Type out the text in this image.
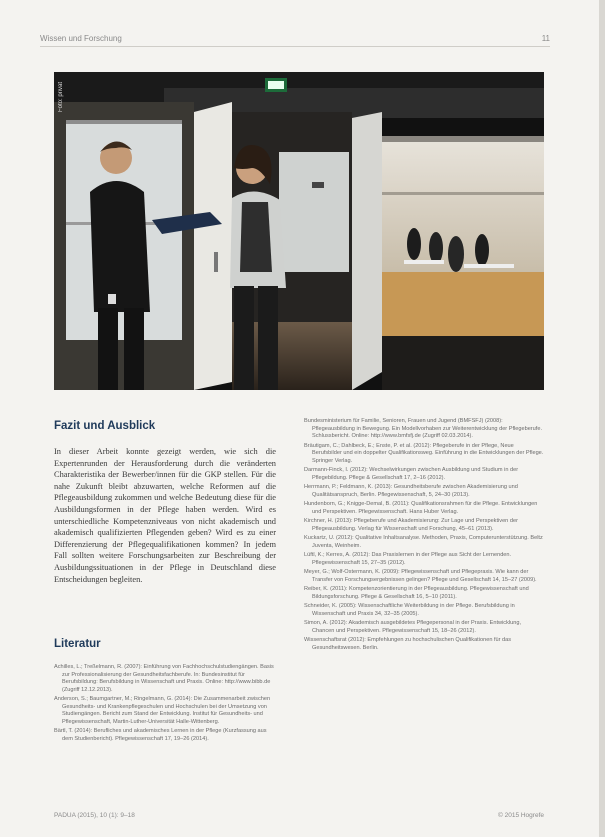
Wissen und Forschung	11
Foto: privat
Fazit und Ausblick

In dieser Arbeit konnte gezeigt werden, wie sich die Expertenrunden der Herausforderung durch die veränderten Charakteristika der Bewerber/innen für die GKP stellen. Für die nahe Zukunft bleibt abzuwarten, welche Reformen auf die Pflegeausbildung zukommen und welche Bedeutung diese für die Ausbildungsformen in der Pflege haben werden. Wird es unterschiedliche Kompetenzniveaus von nicht akademisch und akademisch qualifizierten Pflegenden geben? Wird es zu einer Differenzierung der Pflegequalifikationen kommen? In jedem Fall sollten weitere Forschungsarbeiten zur Beschreibung der Ausbildungssituationen in der Pflege in Deutschland diese Entscheidungen begleiten.

Literatur
Achilles, L.; Treßelmann, R. (2007): Einführung von Fachhochschulstudiengängen. Basis zur Professionalisierung der Gesundheitsfachberufe. In: Bundesinstitut für Berufsbildung: Berufsbildung in Wissenschaft und Praxis. Online: http://www.bibb.de (Zugriff 12.12.2013).
Anderson, S.; Baumgartner, M.; Ringelmann, G. (2014): Die Zusammenarbeit zwischen Gesundheits- und Krankenpflegeschulen und Hochschulen bei der Umsetzung von Studiengängen. Bericht zum Stand der Entwicklung. Institut für Gesundheits- und Pflegewissenschaft, Martin-Luther-Universität Halle-Wittenberg.
Bärtl, T. (2014): Berufliches und akademisches Lernen in der Pflege (Kurzfassung aus dem Studienbericht). Pflegewissenschaft 17, 19–26 (2014).
Bundesministerium für Familie, Senioren, Frauen und Jugend (BMFSFJ) (2008): Pflegeausbildung in Bewegung. Ein Modellvorhaben zur Weiterentwicklung der Pflegeberufe. Schlussbericht. Online: http://www.bmfsfj.de (Zugriff 02.03.2014).
Bräutigam, C.; Dahlbeck, E.; Enste, P. et al. (2012): Pflegeberufe in der Pflege, Neue Berufsbilder und ein doppelter Qualifikationsweg. Einführung in die Entwicklungen der Pflege. Springer Verlag.
Darmann-Finck, I. (2012): Wechselwirkungen zwischen Ausbildung und Studium in der Pflegebildung. Pflege & Gesellschaft 17, 2–16 (2012).
Herrmann, P.; Feldmann, K. (2013): Gesundheitsberufe zwischen Akademisierung und Qualitätsanspruch, Berlin. Pflegewissenschaft, 5, 24–30 (2013).
Hundenborn, G.; Knigge-Demal, B. (2011): Qualifikationsrahmen für die Pflege. Entwicklungen und Perspektiven. Pflegewissenschaft. Hans Huber Verlag.
Kirchner, H. (2013): Pflegeberufe und Akademisierung: Zur Lage und Perspektiven der Pflegeausbildung. Verlag für Wissenschaft und Forschung, 45–61 (2013).
Kuckartz, U. (2012): Qualitative Inhaltsanalyse. Methoden, Praxis, Computerunterstützung. Beltz Juventa, Weinheim.
Lüftl, K.; Kerres, A. (2012): Das Praxislernen in der Pflege aus Sicht der Lernenden. Pflegewissenschaft 15, 27–35 (2012).
Meyer, G.; Wolf-Ostermann, K. (2009): Pflegewissenschaft und Pflegepraxis. Wie kann der Transfer von Forschungsergebnissen gelingen? Pflege und Gesellschaft 14, 15–27 (2009).
Reiber, K. (2011): Kompetenzorientierung in der Pflegeausbildung. Pflegewissenschaft und Bildungsforschung. Pflege & Gesellschaft 16, 5–10 (2011).
Schneider, K. (2005): Wissenschaftliche Weiterbildung in der Pflege. Berufsbildung in Wissenschaft und Praxis 34, 32–35 (2005).
Simon, A. (2012): Akademisch ausgebildetes Pflegepersonal in der Praxis. Entwicklung, Chancen und Perspektiven. Pflegewissenschaft 15, 18–26 (2012).
Wissenschaftsrat (2012): Empfehlungen zu hochschulischen Qualifikationen für das Gesundheitswesen. Berlin.
PADUA (2015), 10 (1): 9–18	© 2015 Hogrefe
